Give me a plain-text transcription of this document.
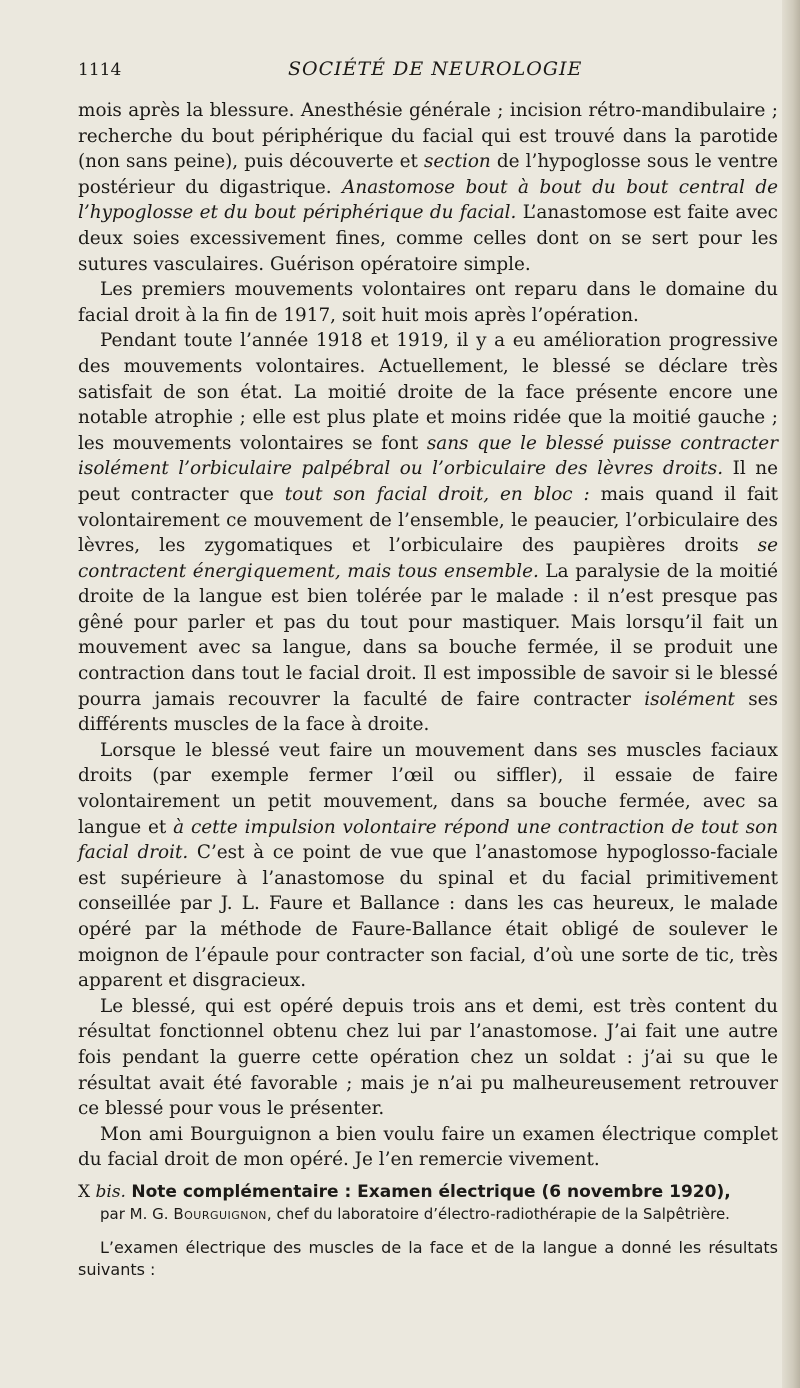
1114	SOCIÉTÉ DE NEUROLOGIE

mois après la blessure. Anesthésie générale ; incision rétro-mandibulaire ; recherche du bout périphérique du facial qui est trouvé dans la parotide (non sans peine), puis découverte et section de l’hypoglosse sous le ventre postérieur du digastrique. Anastomose bout à bout du bout central de l’hypoglosse et du bout périphérique du facial. L’anastomose est faite avec deux soies excessivement fines, comme celles dont on se sert pour les sutures vasculaires. Guérison opératoire simple.

Les premiers mouvements volontaires ont reparu dans le domaine du facial droit à la fin de 1917, soit huit mois après l’opération.

Pendant toute l’année 1918 et 1919, il y a eu amélioration progressive des mouvements volontaires. Actuellement, le blessé se déclare très satisfait de son état. La moitié droite de la face présente encore une notable atrophie ; elle est plus plate et moins ridée que la moitié gauche ; les mouvements volontaires se font sans que le blessé puisse contracter isolément l’orbiculaire palpébral ou l’orbiculaire des lèvres droits. Il ne peut contracter que tout son facial droit, en bloc : mais quand il fait volontairement ce mouvement de l’ensemble, le peaucier, l’orbiculaire des lèvres, les zygomatiques et l’orbiculaire des paupières droits se contractent énergiquement, mais tous ensemble. La paralysie de la moitié droite de la langue est bien tolérée par le malade : il n’est presque pas gêné pour parler et pas du tout pour mastiquer. Mais lorsqu’il fait un mouvement avec sa langue, dans sa bouche fermée, il se produit une contraction dans tout le facial droit. Il est impossible de savoir si le blessé pourra jamais recouvrer la faculté de faire contracter isolément ses différents muscles de la face à droite.

Lorsque le blessé veut faire un mouvement dans ses muscles faciaux droits (par exemple fermer l’œil ou siffler), il essaie de faire volontairement un petit mouvement, dans sa bouche fermée, avec sa langue et à cette impulsion volontaire répond une contraction de tout son facial droit. C’est à ce point de vue que l’anastomose hypoglosso-faciale est supérieure à l’anastomose du spinal et du facial primitivement conseillée par J. L. Faure et Ballance : dans les cas heureux, le malade opéré par la méthode de Faure-Ballance était obligé de soulever le moignon de l’épaule pour contracter son facial, d’où une sorte de tic, très apparent et disgracieux.

Le blessé, qui est opéré depuis trois ans et demi, est très content du résultat fonctionnel obtenu chez lui par l’anastomose. J’ai fait une autre fois pendant la guerre cette opération chez un soldat : j’ai su que le résultat avait été favorable ; mais je n’ai pu malheureusement retrouver ce blessé pour vous le présenter.

Mon ami Bourguignon a bien voulu faire un examen électrique complet du facial droit de mon opéré. Je l’en remercie vivement.

X bis. Note complémentaire : Examen électrique (6 novembre 1920),

par M. G. Bourguignon, chef du laboratoire d’électro-radiothérapie de la Salpêtrière.

L’examen électrique des muscles de la face et de la langue a donné les résultats suivants :
